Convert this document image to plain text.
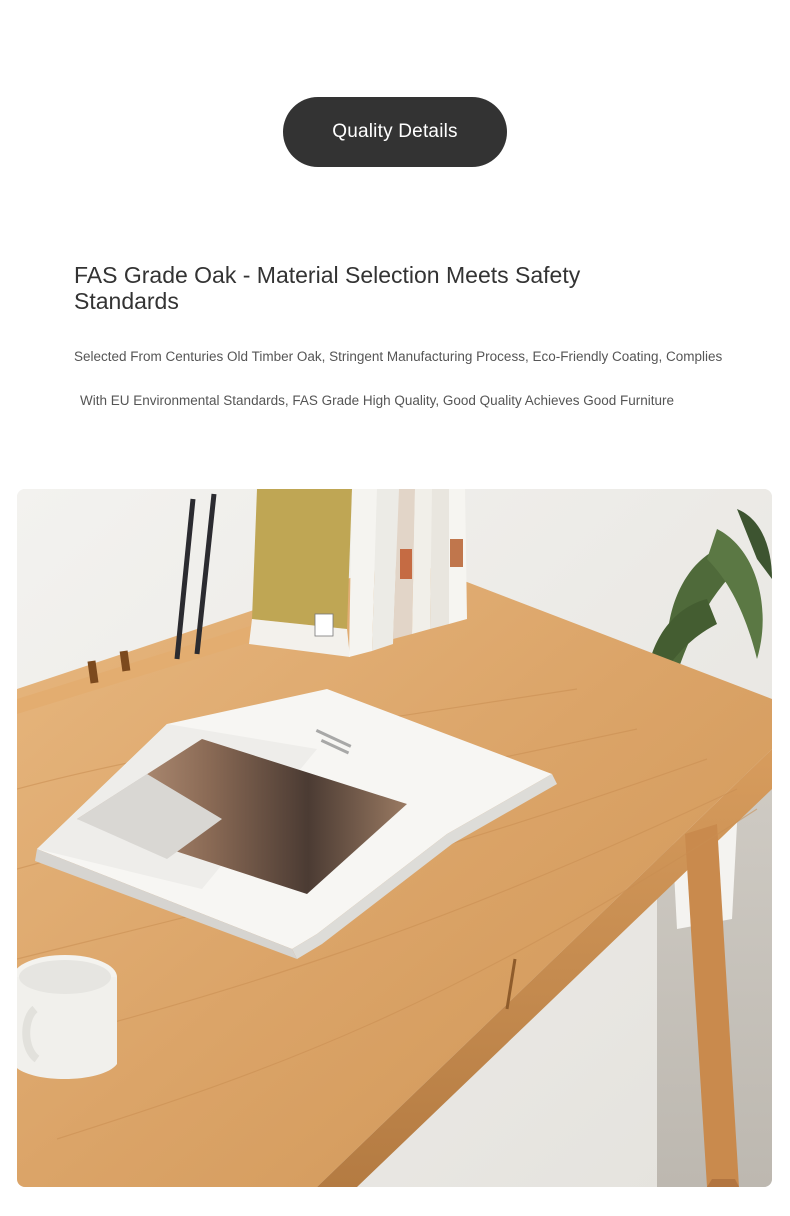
Quality Details
FAS Grade Oak - Material Selection Meets Safety Standards
Selected From Centuries Old Timber Oak, Stringent Manufacturing Process, Eco-Friendly Coating, Complies
With EU Environmental Standards, FAS Grade High Quality, Good Quality Achieves Good Furniture
